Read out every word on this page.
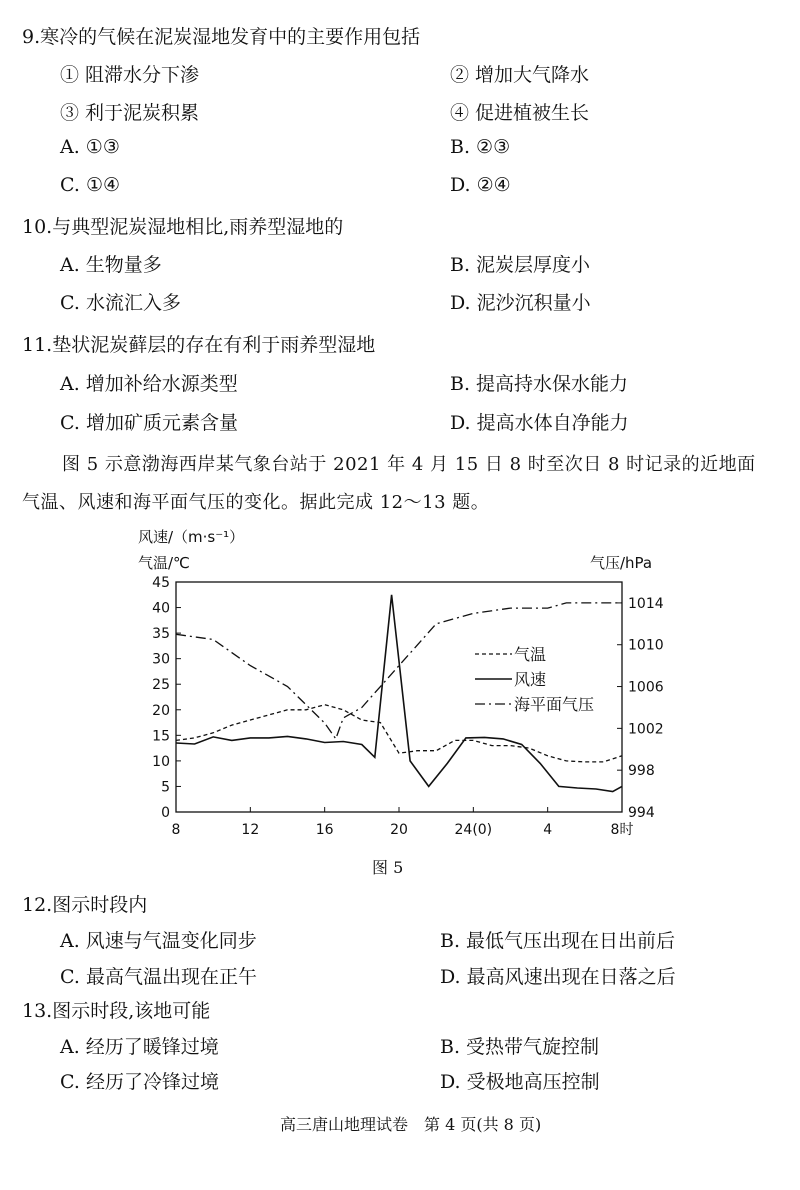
9.寒冷的气候在泥炭湿地发育中的主要作用包括
① 阻滞水分下渗	② 增加大气降水
③ 利于泥炭积累	④ 促进植被生长
A. ①③	B. ②③
C. ①④	D. ②④
10.与典型泥炭湿地相比,雨养型湿地的
A. 生物量多	B. 泥炭层厚度小
C. 水流汇入多	D. 泥沙沉积量小
11.垫状泥炭藓层的存在有利于雨养型湿地
A. 增加补给水源类型	B. 提高持水保水能力
C. 增加矿质元素含量	D. 提高水体自净能力
图 5 示意渤海西岸某气象台站于 2021 年 4 月 15 日 8 时至次日 8 时记录的近地面
气温、风速和海平面气压的变化。据此完成 12～13 题。
0
5
10
15
20
25
30
35
40
45
994
998
1002
1006
1010
1014
8	12	16	20	24(0)	4	8时
气温
风速
海平面气压
风速/（m·s⁻¹）
气温/℃	气压/hPa
图 5
12.图示时段内
A. 风速与气温变化同步	B. 最低气压出现在日出前后
C. 最高气温出现在正午	D. 最高风速出现在日落之后
13.图示时段,该地可能
A. 经历了暖锋过境	B. 受热带气旋控制
C. 经历了冷锋过境	D. 受极地高压控制
高三唐山地理试卷　第 4 页(共 8 页)
